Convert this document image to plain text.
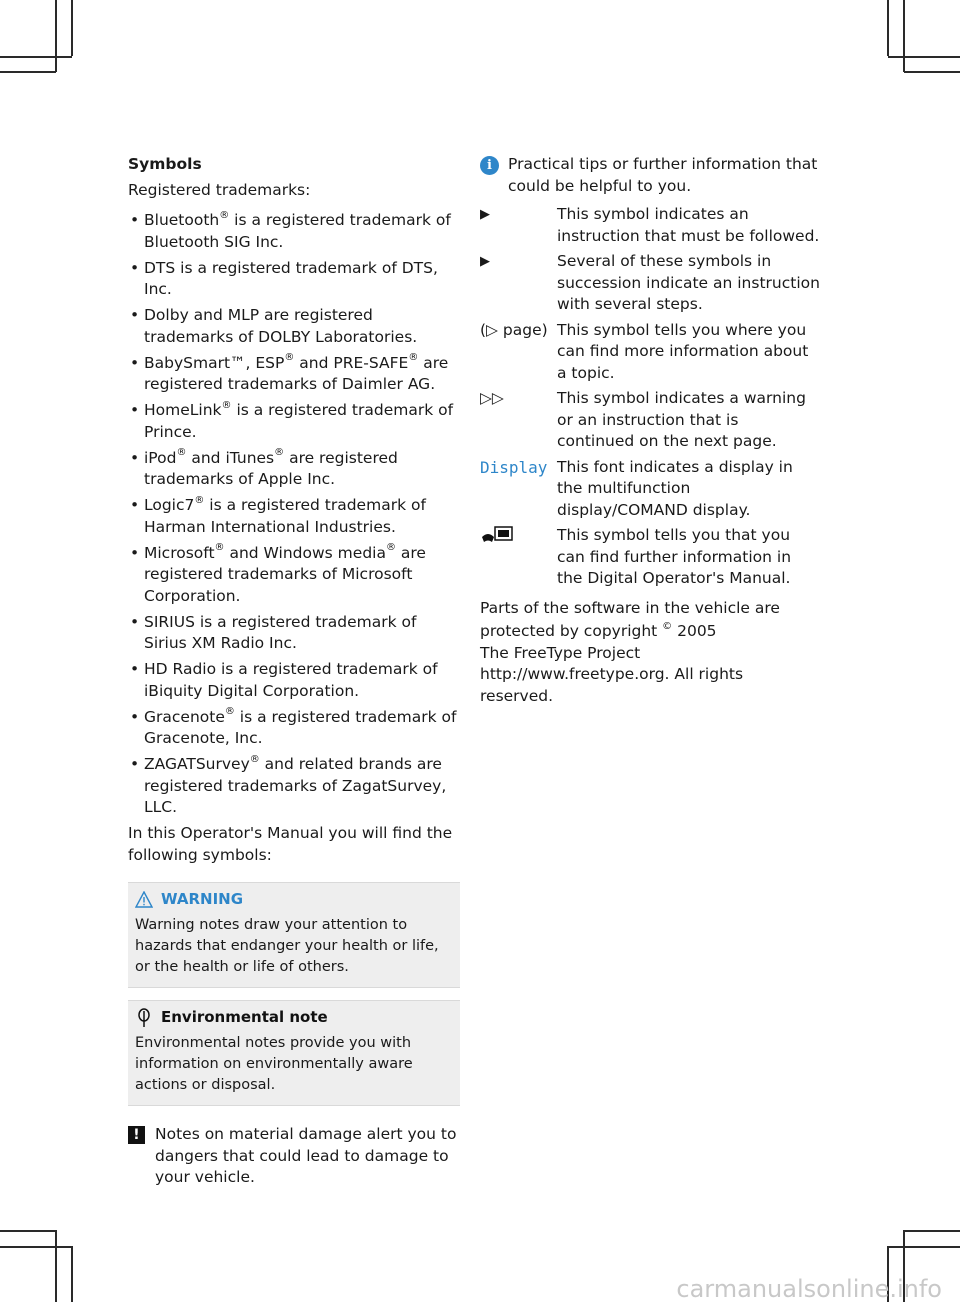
Symbols

Registered trademarks:

• Bluetooth® is a registered trademark of Bluetooth SIG Inc.
• DTS is a registered trademark of DTS, Inc.
• Dolby and MLP are registered trademarks of DOLBY Laboratories.
• BabySmart™, ESP® and PRE-SAFE® are registered trademarks of Daimler AG.
• HomeLink® is a registered trademark of Prince.
• iPod® and iTunes® are registered trademarks of Apple Inc.
• Logic7® is a registered trademark of Harman International Industries.
• Microsoft® and Windows media® are registered trademarks of Microsoft Corporation.
• SIRIUS is a registered trademark of Sirius XM Radio Inc.
• HD Radio is a registered trademark of iBiquity Digital Corporation.
• Gracenote® is a registered trademark of Gracenote, Inc.
• ZAGATSurvey® and related brands are registered trademarks of ZagatSurvey, LLC.

In this Operator's Manual you will find the following symbols:

WARNING

Warning notes draw your attention to hazards that endanger your health or life, or the health or life of others.

Environmental note

Environmental notes provide you with information on environmentally aware actions or disposal.

! Notes on material damage alert you to dangers that could lead to damage to your vehicle.

i	Practical tips or further information that could be helpful to you.

▶	This symbol indicates an instruction that must be followed.
▶	Several of these symbols in succession indicate an instruction with several steps.
(▷ page) This symbol tells you where you can find more information about a topic.
▷▷	This symbol indicates a warning or an instruction that is continued on the next page.
Display This font indicates a display in the multifunction display/COMAND display.
This symbol tells you that you can find further information in the Digital Operator's Manual.

Parts of the software in the vehicle are

protected by copyright © 2005

The FreeType Project

http://www.freetype.org. All rights

reserved.

carmanualsonline.info
